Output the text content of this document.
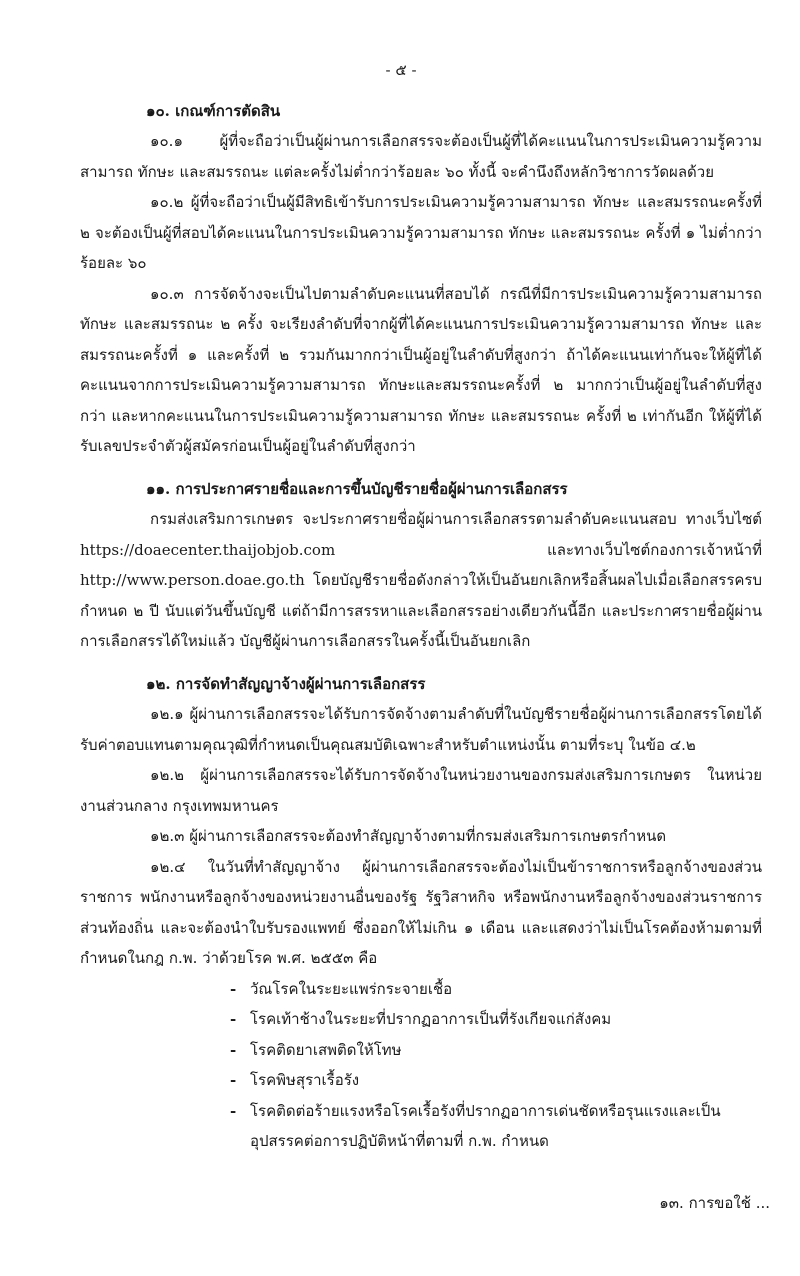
- ๕ -
๑๐. เกณฑ์การตัดสิน

๑๐.๑ ผู้ที่จะถือว่าเป็นผู้ผ่านการเลือกสรรจะต้องเป็นผู้ที่ได้คะแนนในการประเมินความรู้ความสามารถ ทักษะ และสมรรถนะ แต่ละครั้งไม่ต่ำกว่าร้อยละ ๖๐ ทั้งนี้ จะคำนึงถึงหลักวิชาการวัดผลด้วย

๑๐.๒ ผู้ที่จะถือว่าเป็นผู้มีสิทธิเข้ารับการประเมินความรู้ความสามารถ ทักษะ และสมรรถนะครั้งที่ ๒ จะต้องเป็นผู้ที่สอบได้คะแนนในการประเมินความรู้ความสามารถ ทักษะ และสมรรถนะ ครั้งที่ ๑ ไม่ต่ำกว่าร้อยละ ๖๐

๑๐.๓ การจัดจ้างจะเป็นไปตามลำดับคะแนนที่สอบได้ กรณีที่มีการประเมินความรู้ความสามารถ ทักษะ และสมรรถนะ ๒ ครั้ง จะเรียงลำดับที่จากผู้ที่ได้คะแนนการประเมินความรู้ความสามารถ ทักษะ และสมรรถนะครั้งที่ ๑ และครั้งที่ ๒ รวมกันมากกว่าเป็นผู้อยู่ในลำดับที่สูงกว่า ถ้าได้คะแนนเท่ากันจะให้ผู้ที่ได้คะแนนจากการประเมินความรู้ความสามารถ ทักษะและสมรรถนะครั้งที่ ๒ มากกว่าเป็นผู้อยู่ในลำดับที่สูงกว่า และหากคะแนนในการประเมินความรู้ความสามารถ ทักษะ และสมรรถนะ ครั้งที่ ๒ เท่ากันอีก ให้ผู้ที่ได้รับเลขประจำตัวผู้สมัครก่อนเป็นผู้อยู่ในลำดับที่สูงกว่า

๑๑. การประกาศรายชื่อและการขึ้นบัญชีรายชื่อผู้ผ่านการเลือกสรร

กรมส่งเสริมการเกษตร จะประกาศรายชื่อผู้ผ่านการเลือกสรรตามลำดับคะแนนสอบ ทางเว็บไซต์ https://doaecenter.thaijobjob.com และทางเว็บไซต์กองการเจ้าหน้าที่ http://www.person.doae.go.th โดยบัญชีรายชื่อดังกล่าวให้เป็นอันยกเลิกหรือสิ้นผลไปเมื่อเลือกสรรครบกำหนด ๒ ปี นับแต่วันขึ้นบัญชี แต่ถ้ามีการสรรหาและเลือกสรรอย่างเดียวกันนี้อีก และประกาศรายชื่อผู้ผ่านการเลือกสรรได้ใหม่แล้ว บัญชีผู้ผ่านการเลือกสรรในครั้งนี้เป็นอันยกเลิก

๑๒. การจัดทำสัญญาจ้างผู้ผ่านการเลือกสรร

๑๒.๑ ผู้ผ่านการเลือกสรรจะได้รับการจัดจ้างตามลำดับที่ในบัญชีรายชื่อผู้ผ่านการเลือกสรรโดยได้รับค่าตอบแทนตามคุณวุฒิที่กำหนดเป็นคุณสมบัติเฉพาะสำหรับตำแหน่งนั้น ตามที่ระบุ ในข้อ ๔.๒

๑๒.๒ ผู้ผ่านการเลือกสรรจะได้รับการจัดจ้างในหน่วยงานของกรมส่งเสริมการเกษตร ในหน่วยงานส่วนกลาง กรุงเทพมหานคร

๑๒.๓ ผู้ผ่านการเลือกสรรจะต้องทำสัญญาจ้างตามที่กรมส่งเสริมการเกษตรกำหนด

๑๒.๔ ในวันที่ทำสัญญาจ้าง ผู้ผ่านการเลือกสรรจะต้องไม่เป็นข้าราชการหรือลูกจ้างของส่วนราชการ พนักงานหรือลูกจ้างของหน่วยงานอื่นของรัฐ รัฐวิสาหกิจ หรือพนักงานหรือลูกจ้างของส่วนราชการ ส่วนท้องถิ่น และจะต้องนำใบรับรองแพทย์ ซึ่งออกให้ไม่เกิน ๑ เดือน และแสดงว่าไม่เป็นโรคต้องห้ามตามที่กำหนดในกฎ ก.พ. ว่าด้วยโรค พ.ศ. ๒๕๕๓ คือ

- วัณโรคในระยะแพร่กระจายเชื้อ
- โรคเท้าช้างในระยะที่ปรากฏอาการเป็นที่รังเกียจแก่สังคม
- โรคติดยาเสพติดให้โทษ
- โรคพิษสุราเรื้อรัง
- โรคติดต่อร้ายแรงหรือโรคเรื้อรังที่ปรากฏอาการเด่นชัดหรือรุนแรงและเป็นอุปสรรคต่อการปฏิบัติหน้าที่ตามที่ ก.พ. กำหนด
๑๓. การขอใช้ ...
